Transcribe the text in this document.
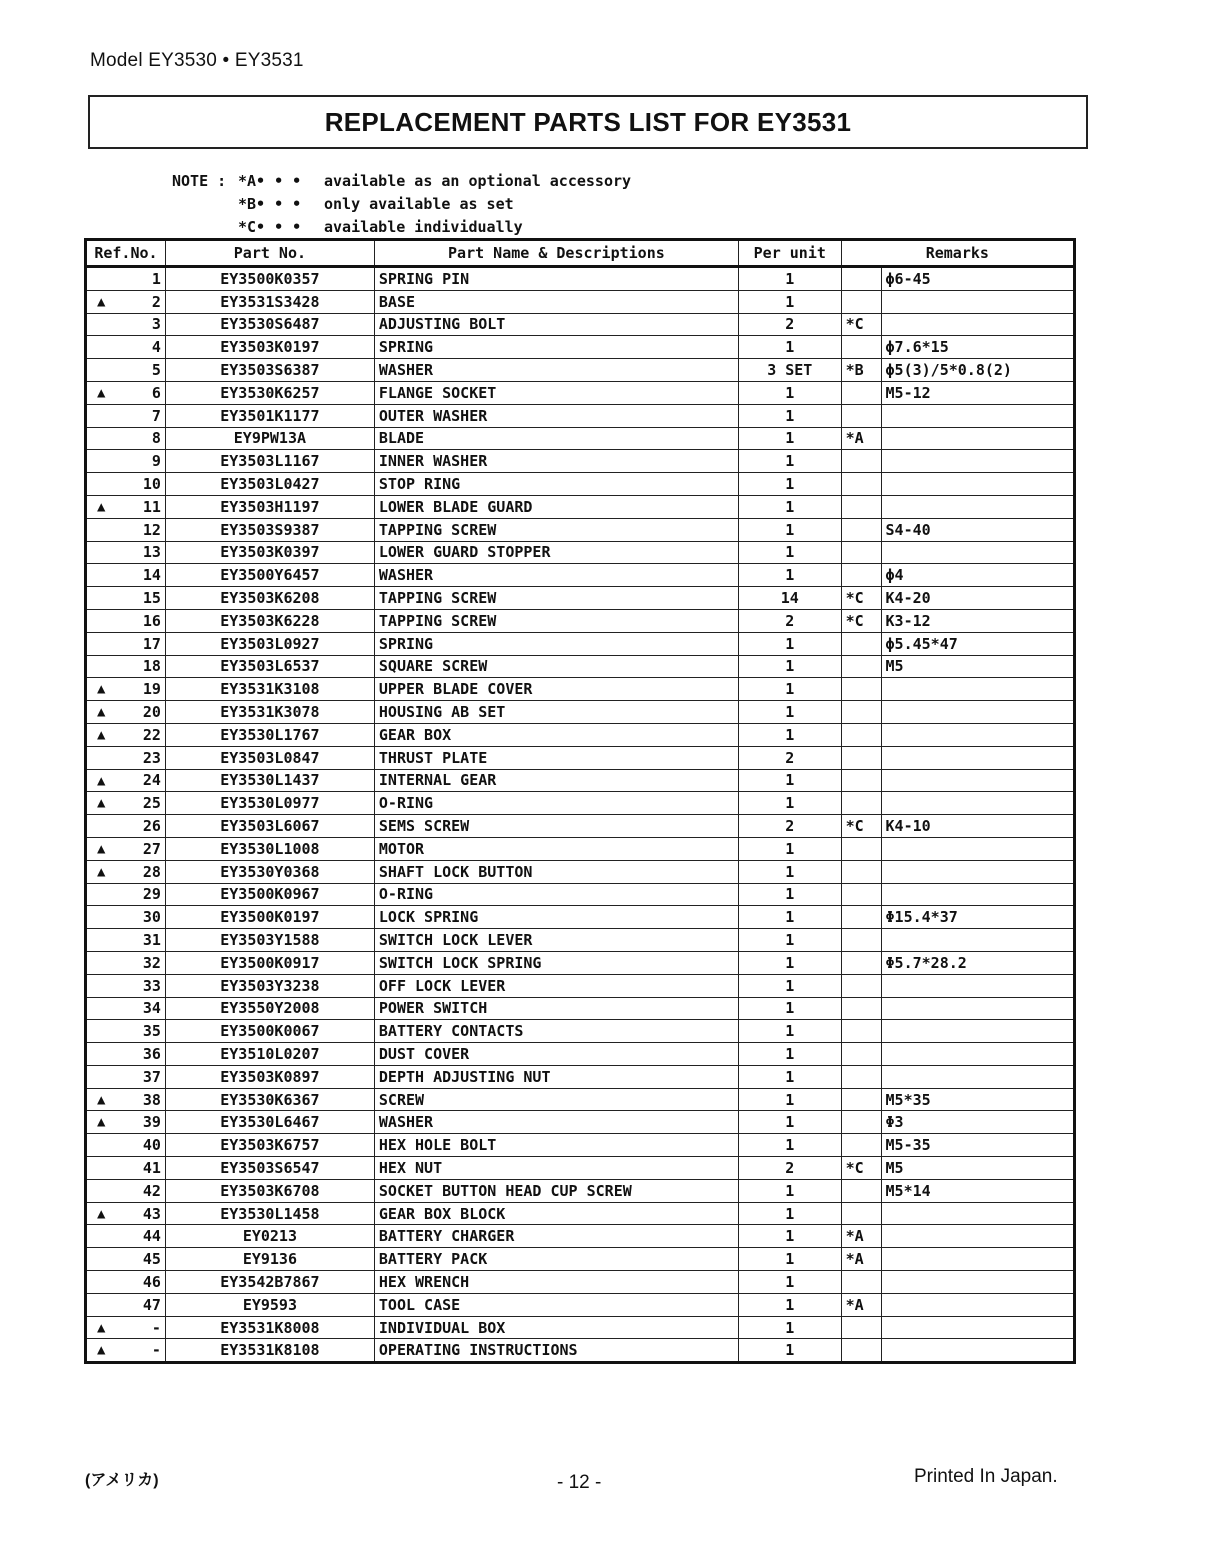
Model EY3530 • EY3531
REPLACEMENT PARTS LIST FOR EY3531
NOTE : *A• • •	available as an optional accessory
*B• • •	only available as set
*C• • •	available individually
Ref.No.	Part No.	Part Name & Descriptions	Per unit	Remarks	
1	EY3500K0357	SPRING PIN	1		ϕ6-45

▲ 2	EY3531S3428	BASE	1		
3	EY3530S6487	ADJUSTING BOLT	2	*C	
4	EY3503K0197	SPRING	1		ϕ7.6*15
5	EY3503S6387	WASHER	3 SET	*B	ϕ5(3)/5*0.8(2)

▲ 6	EY3530K6257	FLANGE SOCKET	1		M5-12
7	EY3501K1177	OUTER WASHER	1		
8	EY9PW13A	BLADE	1	*A	
9	EY3503L1167	INNER WASHER	1		
10	EY3503L0427	STOP RING	1		

▲ 11	EY3503H1197	LOWER BLADE GUARD	1		
12	EY3503S9387	TAPPING SCREW	1		S4-40
13	EY3503K0397	LOWER GUARD STOPPER	1		
14	EY3500Y6457	WASHER	1		ϕ4
15	EY3503K6208	TAPPING SCREW	14	*C	K4-20
16	EY3503K6228	TAPPING SCREW	2	*C	K3-12
17	EY3503L0927	SPRING	1		ϕ5.45*47
18	EY3503L6537	SQUARE SCREW	1		M5

▲ 19	EY3531K3108	UPPER BLADE COVER	1		

▲ 20	EY3531K3078	HOUSING AB SET	1		

▲ 22	EY3530L1767	GEAR BOX	1		
23	EY3503L0847	THRUST PLATE	2		

▲ 24	EY3530L1437	INTERNAL GEAR	1		

▲ 25	EY3530L0977	O-RING	1		
26	EY3503L6067	SEMS SCREW	2	*C	K4-10

▲ 27	EY3530L1008	MOTOR	1		

▲ 28	EY3530Y0368	SHAFT LOCK BUTTON	1		
29	EY3500K0967	O-RING	1		
30	EY3500K0197	LOCK SPRING	1		Φ15.4*37
31	EY3503Y1588	SWITCH LOCK LEVER	1		
32	EY3500K0917	SWITCH LOCK SPRING	1		Φ5.7*28.2
33	EY3503Y3238	OFF LOCK LEVER	1		
34	EY3550Y2008	POWER SWITCH	1		
35	EY3500K0067	BATTERY CONTACTS	1		
36	EY3510L0207	DUST COVER	1		
37	EY3503K0897	DEPTH ADJUSTING NUT	1		

▲ 38	EY3530K6367	SCREW	1		M5*35

▲ 39	EY3530L6467	WASHER	1		Φ3
40	EY3503K6757	HEX HOLE BOLT	1		M5-35
41	EY3503S6547	HEX NUT	2	*C	M5
42	EY3503K6708	SOCKET BUTTON HEAD CUP SCREW	1		M5*14

▲ 43	EY3530L1458	GEAR BOX BLOCK	1		
44	EY0213	BATTERY CHARGER	1	*A	
45	EY9136	BATTERY PACK	1	*A	
46	EY3542B7867	HEX WRENCH	1		
47	EY9593	TOOL CASE	1	*A	

▲ -	EY3531K8008	INDIVIDUAL BOX	1		

▲ -	EY3531K8108	OPERATING INSTRUCTIONS	1		
(アメリカ)	- 12 -	Printed In Japan.
